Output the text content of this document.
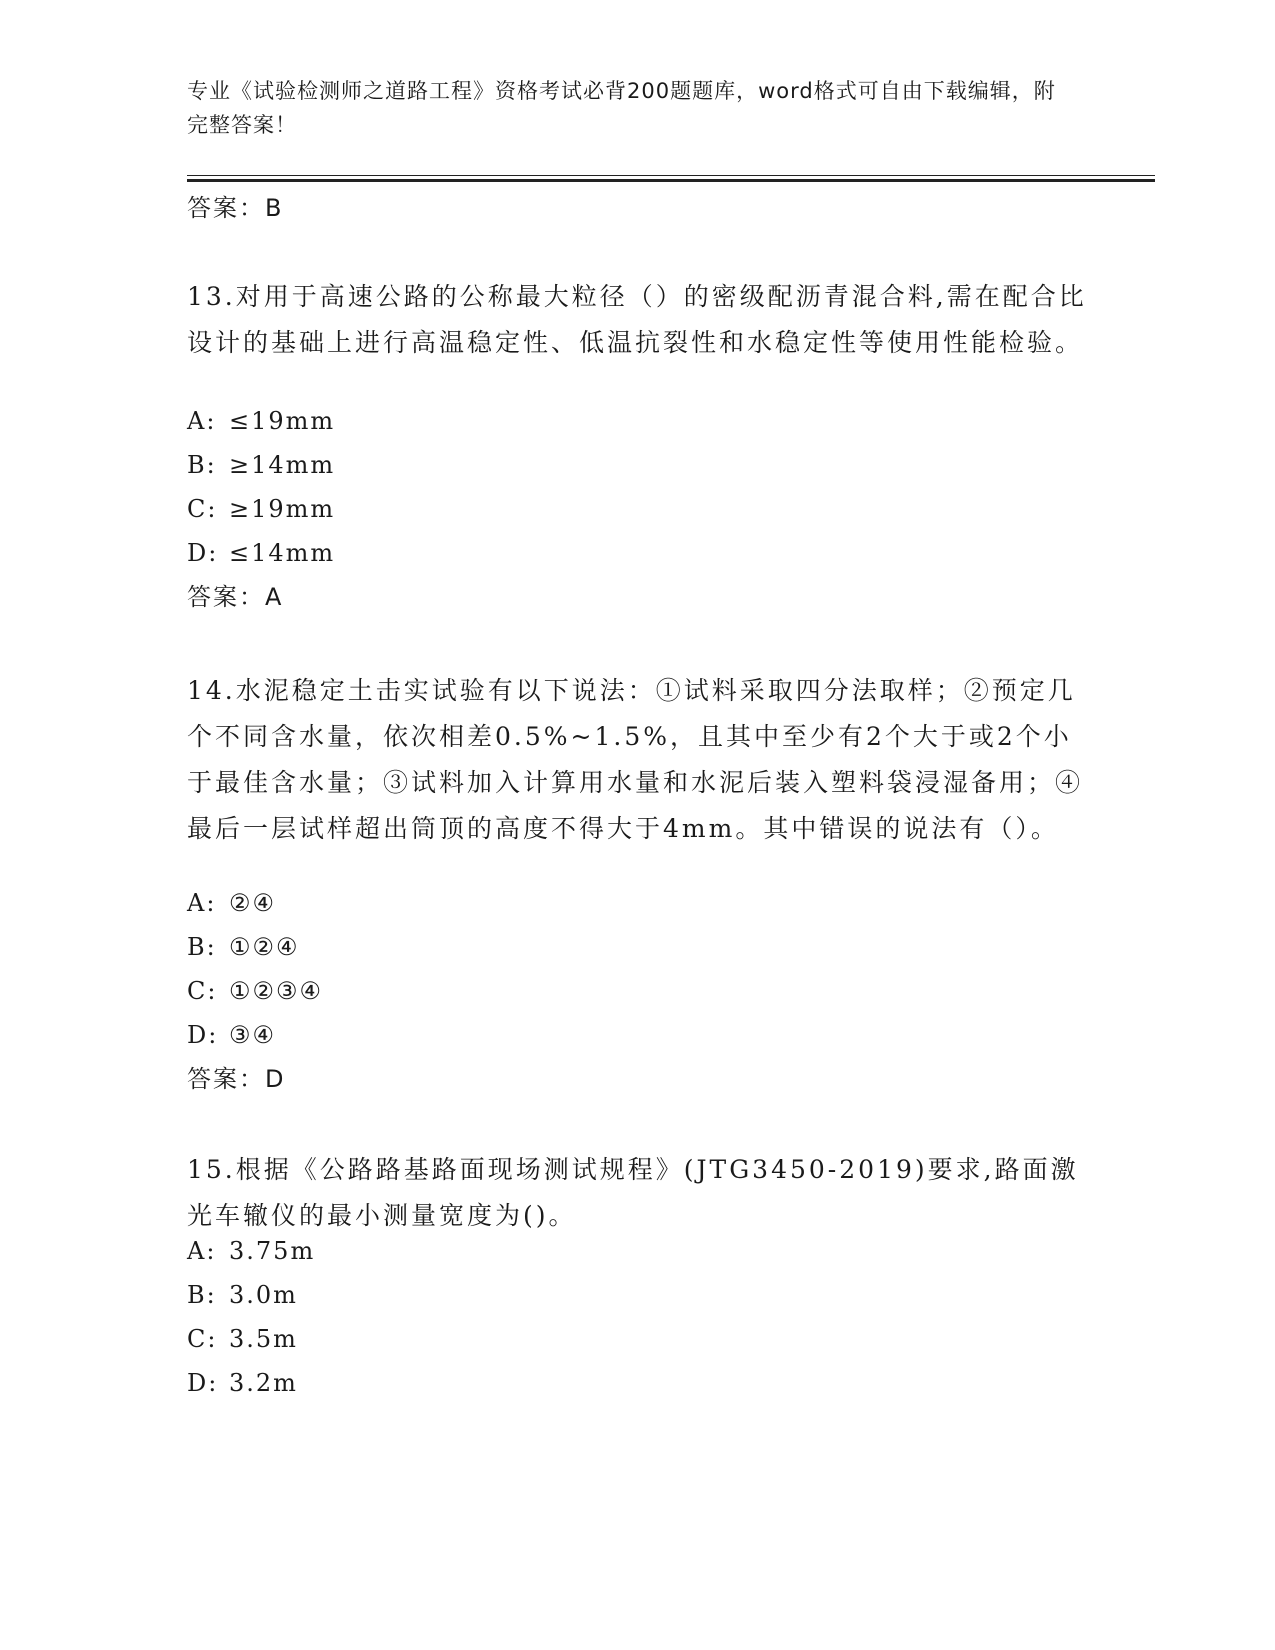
专业《试验检测师之道路工程》资格考试必背200题题库，word格式可自由下载编辑，附完整答案！
答案：B
13.对用于高速公路的公称最大粒径（）的密级配沥青混合料,需在配合比设计的基础上进行高温稳定性、低温抗裂性和水稳定性等使用性能检验。
A: ≤19mm
B: ≥14mm
C: ≥19mm
D: ≤14mm
答案：A
14.水泥稳定土击实试验有以下说法：①试料采取四分法取样；②预定几个不同含水量，依次相差0.5%~1.5%，且其中至少有2个大于或2个小于最佳含水量；③试料加入计算用水量和水泥后装入塑料袋浸湿备用；④最后一层试样超出筒顶的高度不得大于4mm。其中错误的说法有（）。
A: ②④
B: ①②④
C: ①②③④
D: ③④
答案：D
15.根据《公路路基路面现场测试规程》(JTG3450-2019)要求,路面激光车辙仪的最小测量宽度为()。
A: 3.75m
B: 3.0m
C: 3.5m
D: 3.2m
